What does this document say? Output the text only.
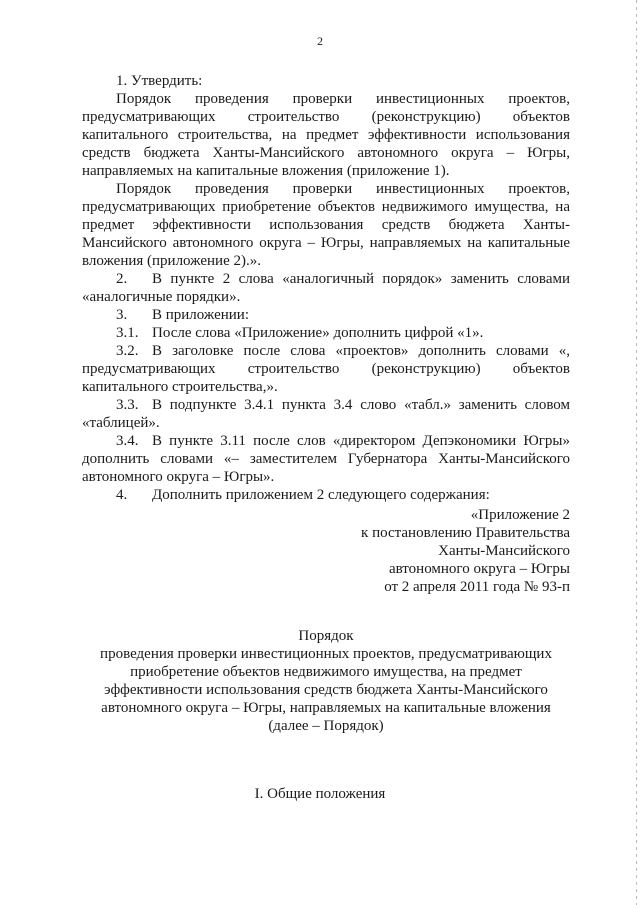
2

1. Утвердить:

Порядок проведения проверки инвестиционных проектов, предусматривающих строительство (реконструкцию) объектов капитального строительства, на предмет эффективности использования средств бюджета Ханты-Мансийского автономного округа – Югры, направляемых на капитальные вложения (приложение 1).

Порядок проведения проверки инвестиционных проектов, предусматривающих приобретение объектов недвижимого имущества, на предмет эффективности использования средств бюджета Ханты-Мансийского автономного округа – Югры, направляемых на капитальные вложения (приложение 2).».

2. В пункте 2 слова «аналогичный порядок» заменить словами «аналогичные порядки».

3. В приложении:

3.1. После слова «Приложение» дополнить цифрой «1».

3.2. В заголовке после слова «проектов» дополнить словами «, предусматривающих строительство (реконструкцию) объектов капитального строительства,».

3.3. В подпункте 3.4.1 пункта 3.4 слово «табл.» заменить словом «таблицей».

3.4. В пункте 3.11 после слов «директором Депэкономики Югры» дополнить словами «– заместителем Губернатора Ханты-Мансийского автономного округа – Югры».

4. Дополнить приложением 2 следующего содержания:

«Приложение 2
к постановлению Правительства
Ханты-Мансийского
автономного округа – Югры
от 2 апреля 2011 года № 93-п
Порядок
проведения проверки инвестиционных проектов, предусматривающих
приобретение объектов недвижимого имущества, на предмет
эффективности использования средств бюджета Ханты-Мансийского
автономного округа – Югры, направляемых на капитальные вложения
(далее – Порядок)
I. Общие положения
